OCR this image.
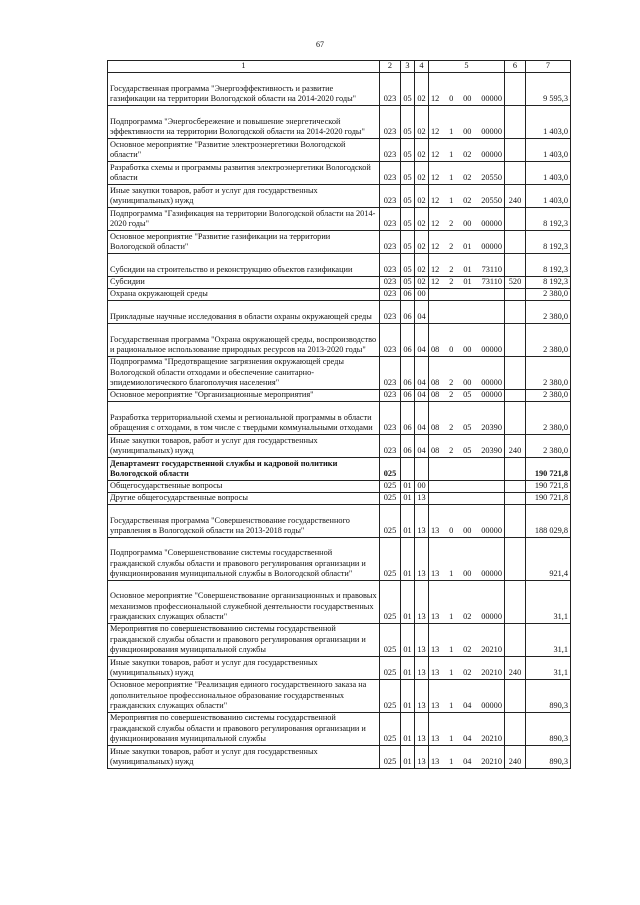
67
1	2	3	4	5	6	7
Государственная программа "Энергоэффективность и развитие газификации на территории Вологодской области на 2014-2020 годы"	023	05	02	12 0 00 00000		9 595,3
Подпрограмма "Энергосбережение и повышение энергетической эффективности на территории Вологодской области на 2014-2020 годы"	023	05	02	12 1 00 00000		1 403,0
Основное мероприятие "Развитие электроэнергетики Вологодской области"	023	05	02	12 1 02 00000		1 403,0
Разработка схемы и программы развития электроэнергетики Вологодской области	023	05	02	12 1 02 20550		1 403,0
Иные закупки товаров, работ и услуг для государственных (муниципальных) нужд	023	05	02	12 1 02 20550	240	1 403,0
Подпрограмма "Газификация на территории Вологодской области на 2014-2020 годы"	023	05	02	12 2 00 00000		8 192,3
Основное мероприятие "Развитие газификации на территории Вологодской области"	023	05	02	12 2 01 00000		8 192,3
Субсидии на строительство и реконструкцию объектов газификации	023	05	02	12 2 01 73110		8 192,3
Субсидии	023	05	02	12 2 01 73110	520	8 192,3
Охрана окружающей среды	023	06	00			2 380,0
Прикладные научные исследования в области охраны окружающей среды	023	06	04			2 380,0
Государственная программа "Охрана окружающей среды, воспроизводство и рациональное использование природных ресурсов на 2013-2020 годы"	023	06	04	08 0 00 00000		2 380,0
Подпрограмма "Предотвращение загрязнения окружающей среды Вологодской области отходами и обеспечение санитарно-эпидемиологического благополучия населения"	023	06	04	08 2 00 00000		2 380,0
Основное мероприятие "Организационные мероприятия"	023	06	04	08 2 05 00000		2 380,0
Разработка территориальной схемы и региональной программы в области обращения с отходами, в том числе с твердыми коммунальными отходами	023	06	04	08 2 05 20390		2 380,0
Иные закупки товаров, работ и услуг для государственных (муниципальных) нужд	023	06	04	08 2 05 20390	240	2 380,0
Департамент государственной службы и кадровой политики Вологодской области	025					190 721,8
Общегосударственные вопросы	025	01	00			190 721,8
Другие общегосударственные вопросы	025	01	13			190 721,8
Государственная программа "Совершенствование государственного управления в Вологодской области на 2013-2018 годы"	025	01	13	13 0 00 00000		188 029,8
Подпрограмма "Совершенствование системы государственной гражданской службы области и правового регулирования организации и функционирования муниципальной службы в Вологодской области"	025	01	13	13 1 00 00000		921,4
Основное мероприятие "Совершенствование организационных и правовых механизмов профессиональной служебной деятельности государственных гражданских служащих области"	025	01	13	13 1 02 00000		31,1
Мероприятия по совершенствованию системы государственной гражданской службы области и правового регулирования организации и функционирования муниципальной службы	025	01	13	13 1 02 20210		31,1
Иные закупки товаров, работ и услуг для государственных (муниципальных) нужд	025	01	13	13 1 02 20210	240	31,1
Основное мероприятие "Реализация единого государственного заказа на дополнительное профессиональное образование государственных гражданских служащих области"	025	01	13	13 1 04 00000		890,3
Мероприятия по совершенствованию системы государственной гражданской службы области и правового регулирования организации и функционирования муниципальной службы	025	01	13	13 1 04 20210		890,3
Иные закупки товаров, работ и услуг для государственных (муниципальных) нужд	025	01	13	13 1 04 20210	240	890,3
